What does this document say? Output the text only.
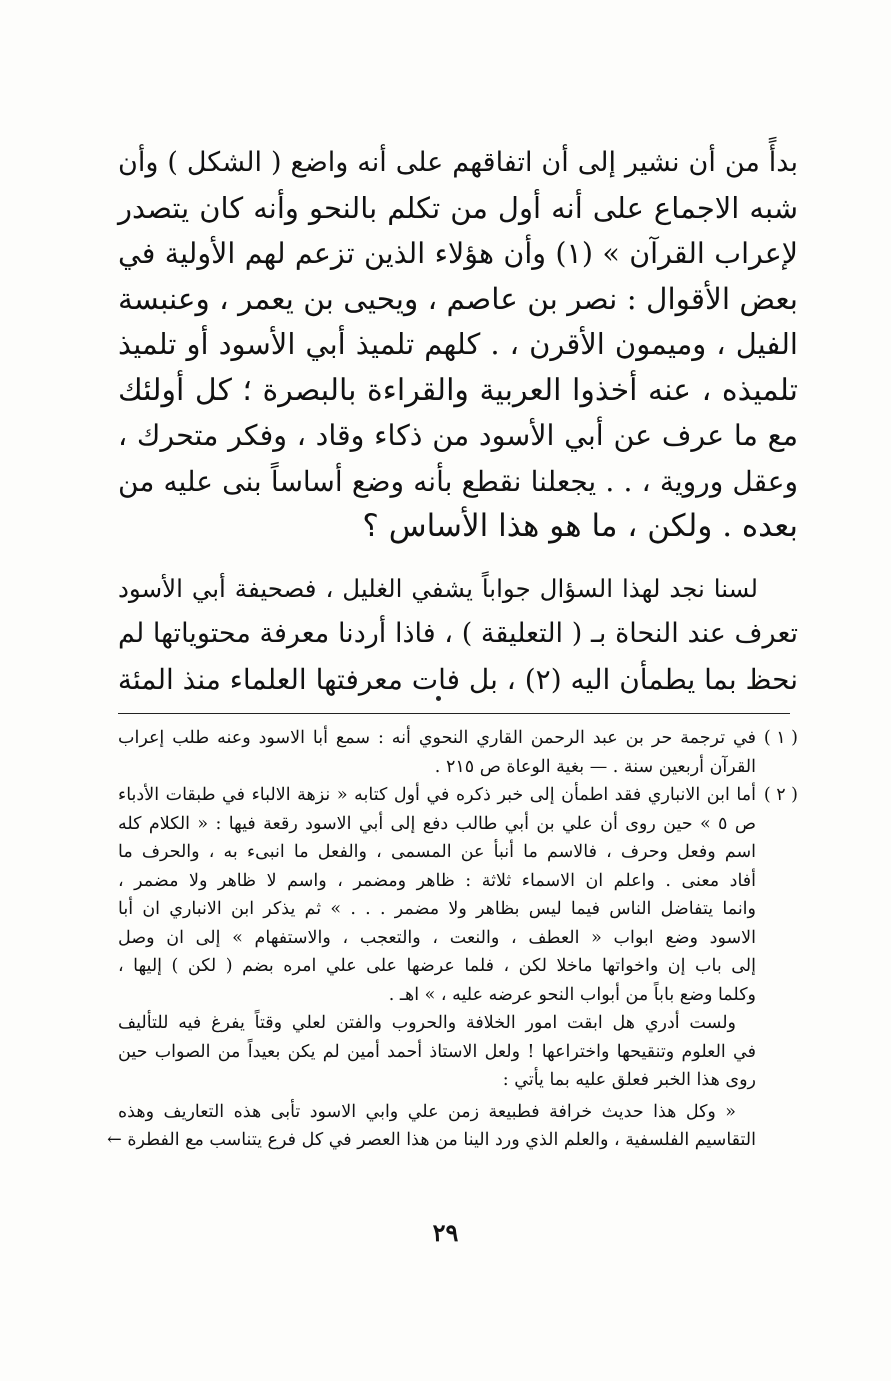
بدأً من أن نشير إلى أن اتفاقهم على أنه واضع ( الشكل ) وأن
شبه الاجماع على أنه أول من تكلم بالنحو وأنه كان يتصدر
لإعراب القرآن » (١) وأن هؤلاء الذين تزعم لهم الأولية في
بعض الأقوال : نصر بن عاصم ، ويحيى بن يعمر ، وعنبسة
الفيل ، وميمون الأقرن ، . كلهم تلميذ أبي الأسود أو تلميذ
تلميذه ، عنه أخذوا العربية والقراءة بالبصرة ؛ كل أولئك
مع ما عرف عن أبي الأسود من ذكاء وقاد ، وفكر متحرك ،
وعقل وروية ، . . يجعلنا نقطع بأنه وضع أساساً بنى عليه من
بعده . ولكن ، ما هو هذا الأساس ؟

لسنا نجد لهذا السؤال جواباً يشفي الغليل ، فصحيفة أبي الأسود
تعرف عند النحاة بـ ( التعليقة ) ، فاذا أردنا معرفة محتوياتها لم
نحظ بما يطمأن اليه (٢) ، بل فات معرفتها العلماء منذ المئة

( ١ )
في ترجمة حر بن عبد الرحمن القاري النحوي أنه : سمع أبا الاسود وعنه طلب إعراب
القرآن أربعين سنة . — بغية الوعاة ص ٢١٥ .
( ٢ )
أما ابن الانباري فقد اطمأن إلى خبر ذكره في أول كتابه « نزهة الالباء في طبقات الأدباء
ص ٥ » حين روى أن علي بن أبي طالب دفع إلى أبي الاسود رقعة فيها : « الكلام كله
اسم وفعل وحرف ، فالاسم ما أنبأ عن المسمى ، والفعل ما انبىء به ، والحرف ما
أفاد معنى . واعلم ان الاسماء ثلاثة : ظاهر ومضمر ، واسم لا ظاهر ولا مضمر ،
وانما يتفاضل الناس فيما ليس بظاهر ولا مضمر . . . » ثم يذكر ابن الانباري ان أبا
الاسود وضع ابواب « العطف ، والنعت ، والتعجب ، والاستفهام » إلى ان وصل
إلى باب إن واخواتها ماخلا لكن ، فلما عرضها على علي امره بضم ( لكن ) إليها ،
وكلما وضع باباً من أبواب النحو عرضه عليه ، » اهـ .
ولست أدري هل ابقت امور الخلافة والحروب والفتن لعلي وقتاً يفرغ فيه للتأليف
في العلوم وتنقيحها واختراعها ! ولعل الاستاذ أحمد أمين لم يكن بعيداً من الصواب حين
روى هذا الخبر فعلق عليه بما يأتي :
« وكل هذا حديث خرافة فطبيعة زمن علي وابي الاسود تأبى هذه التعاريف وهذه
التقاسيم الفلسفية ، والعلم الذي ورد الينا من هذا العصر في كل فرع يتناسب مع الفطرة ←
٢٩
